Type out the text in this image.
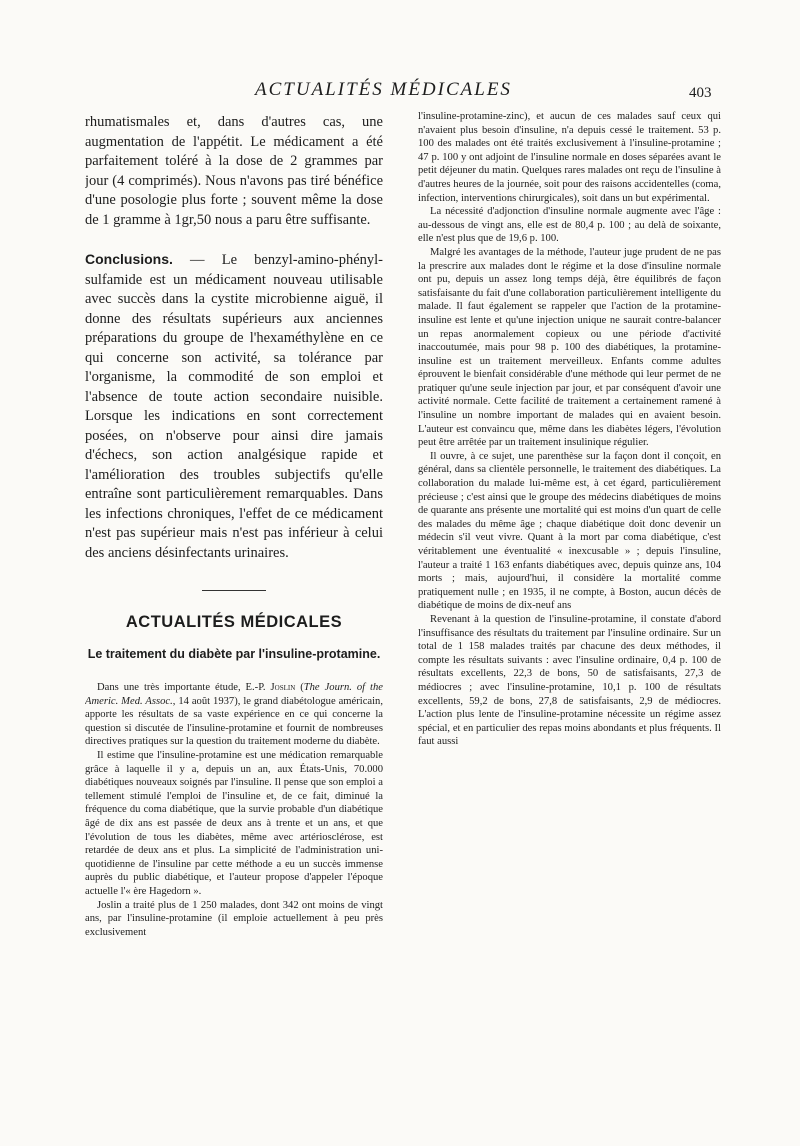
ACTUALITÉS MÉDICALES	403

rhumatismales et, dans d'autres cas, une augmentation de l'appétit. Le médicament a été parfaitement toléré à la dose de 2 grammes par jour (4 comprimés). Nous n'avons pas tiré bénéfice d'une posologie plus forte ; souvent même la dose de 1 gramme à 1gr,50 nous a paru être suffisante.

Conclusions. — Le benzyl-amino-phényl-sulfamide est un médicament nouveau utilisable avec succès dans la cystite microbienne aiguë, il donne des résultats supérieurs aux anciennes préparations du groupe de l'hexaméthylène en ce qui concerne son activité, sa tolérance par l'organisme, la commodité de son emploi et l'absence de toute action secondaire nuisible. Lorsque les indications en sont correctement posées, on n'observe pour ainsi dire jamais d'échecs, son action analgésique rapide et l'amélioration des troubles subjectifs qu'elle entraîne sont particulièrement remarquables. Dans les infections chroniques, l'effet de ce médicament n'est pas supérieur mais n'est pas inférieur à celui des anciens désinfectants urinaires.

ACTUALITÉS MÉDICALES
Le traitement du diabète par l'insuline-protamine.

Dans une très importante étude, E.-P. Joslin (The Journ. of the Americ. Med. Assoc., 14 août 1937), le grand diabétologue américain, apporte les résultats de sa vaste expérience en ce qui concerne la question si discutée de l'insuline-protamine et fournit de nombreuses directives pratiques sur la question du traitement moderne du diabète.

Il estime que l'insuline-protamine est une médication remarquable grâce à laquelle il y a, depuis un an, aux États-Unis, 70.000 diabétiques nouveaux soignés par l'insuline. Il pense que son emploi a tellement stimulé l'emploi de l'insuline et, de ce fait, diminué la fréquence du coma diabétique, que la survie probable d'un diabétique âgé de dix ans est passée de deux ans à trente et un ans, et que l'évolution de tous les diabètes, même avec artériosclérose, est retardée de deux ans et plus. La simplicité de l'administration uni-quotidienne de l'insuline par cette méthode a eu un succès immense auprès du public diabétique, et l'auteur propose d'appeler l'époque actuelle l'« ère Hagedorn ».

Joslin a traité plus de 1 250 malades, dont 342 ont moins de vingt ans, par l'insuline-protamine (il emploie actuellement à peu près exclusivement

l'insuline-protamine-zinc), et aucun de ces malades sauf ceux qui n'avaient plus besoin d'insuline, n'a depuis cessé le traitement. 53 p. 100 des malades ont été traités exclusivement à l'insuline-protamine ; 47 p. 100 y ont adjoint de l'insuline normale en doses séparées avant le petit déjeuner du matin. Quelques rares malades ont reçu de l'insuline à d'autres heures de la journée, soit pour des raisons accidentelles (coma, infection, interventions chirurgicales), soit dans un but expérimental.

La nécessité d'adjonction d'insuline normale augmente avec l'âge : au-dessous de vingt ans, elle est de 80,4 p. 100 ; au delà de soixante, elle n'est plus que de 19,6 p. 100.

Malgré les avantages de la méthode, l'auteur juge prudent de ne pas la prescrire aux malades dont le régime et la dose d'insuline normale ont pu, depuis un assez long temps déjà, être équilibrés de façon satisfaisante du fait d'une collaboration particulièrement intelligente du malade. Il faut également se rappeler que l'action de la protamine-insuline est lente et qu'une injection unique ne saurait contre-balancer un repas anormalement copieux ou une période d'activité inaccoutumée, mais pour 98 p. 100 des diabétiques, la protamine-insuline est un traitement merveilleux. Enfants comme adultes éprouvent le bienfait considérable d'une méthode qui leur permet de ne pratiquer qu'une seule injection par jour, et par conséquent d'avoir une activité normale. Cette facilité de traitement a certainement ramené à l'insuline un nombre important de malades qui en avaient besoin. L'auteur est convaincu que, même dans les diabètes légers, l'évolution peut être arrêtée par un traitement insulinique régulier.

Il ouvre, à ce sujet, une parenthèse sur la façon dont il conçoit, en général, dans sa clientèle personnelle, le traitement des diabétiques. La collaboration du malade lui-même est, à cet égard, particulièrement précieuse ; c'est ainsi que le groupe des médecins diabétiques de moins de quarante ans présente une mortalité qui est moins d'un quart de celle des malades du même âge ; chaque diabétique doit donc devenir un médecin s'il veut vivre. Quant à la mort par coma diabétique, c'est véritablement une éventualité « inexcusable » ; depuis l'insuline, l'auteur a traité 1 163 enfants diabétiques avec, depuis quinze ans, 104 morts ; mais, aujourd'hui, il considère la mortalité comme pratiquement nulle ; en 1935, il ne compte, à Boston, aucun décès de diabétique de moins de dix-neuf ans

Revenant à la question de l'insuline-protamine, il constate d'abord l'insuffisance des résultats du traitement par l'insuline ordinaire. Sur un total de 1 158 malades traités par chacune des deux méthodes, il compte les résultats suivants : avec l'insuline ordinaire, 0,4 p. 100 de résultats excellents, 22,3 de bons, 50 de satisfaisants, 27,3 de médiocres ; avec l'insuline-protamine, 10,1 p. 100 de résultats excellents, 59,2 de bons, 27,8 de satisfaisants, 2,9 de médiocres. L'action plus lente de l'insuline-protamine nécessite un régime assez spécial, et en particulier des repas moins abondants et plus fréquents. Il faut aussi
